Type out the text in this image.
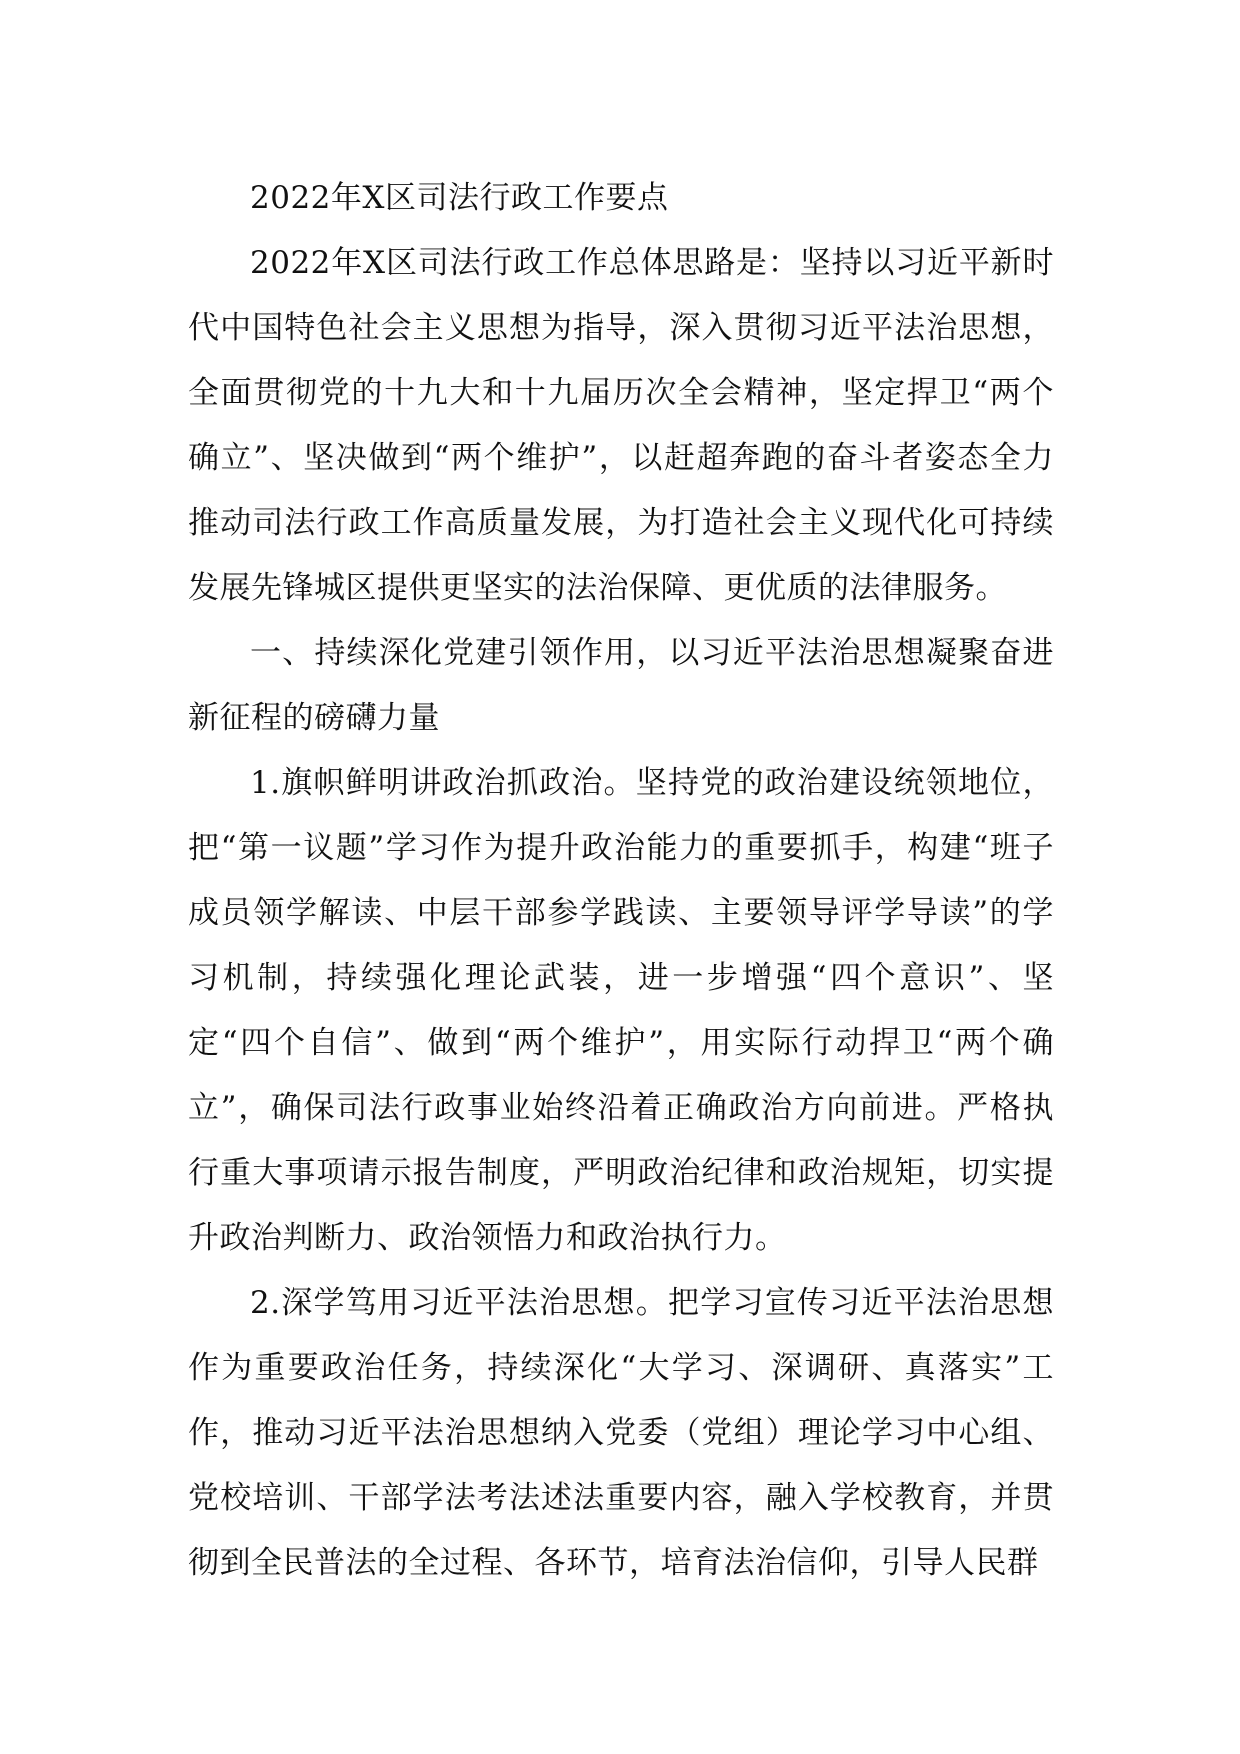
2022年X区司法行政工作要点

2022年X区司法行政工作总体思路是：坚持以习近平新时代中国特色社会主义思想为指导，深入贯彻习近平法治思想，全面贯彻党的十九大和十九届历次全会精神，坚定捍卫“两个确立”、坚决做到“两个维护”，以赶超奔跑的奋斗者姿态全力推动司法行政工作高质量发展，为打造社会主义现代化可持续发展先锋城区提供更坚实的法治保障、更优质的法律服务。

一、持续深化党建引领作用，以习近平法治思想凝聚奋进新征程的磅礴力量

1.旗帜鲜明讲政治抓政治。坚持党的政治建设统领地位，把“第一议题”学习作为提升政治能力的重要抓手，构建“班子成员领学解读、中层干部参学践读、主要领导评学导读”的学习机制，持续强化理论武装，进一步增强“四个意识”、坚定“四个自信”、做到“两个维护”，用实际行动捍卫“两个确立”，确保司法行政事业始终沿着正确政治方向前进。严格执行重大事项请示报告制度，严明政治纪律和政治规矩，切实提升政治判断力、政治领悟力和政治执行力。

2.深学笃用习近平法治思想。把学习宣传习近平法治思想作为重要政治任务，持续深化“大学习、深调研、真落实”工作，推动习近平法治思想纳入党委（党组）理论学习中心组、党校培训、干部学法考法述法重要内容，融入学校教育，并贯彻到全民普法的全过程、各环节，培育法治信仰，引导人民群
